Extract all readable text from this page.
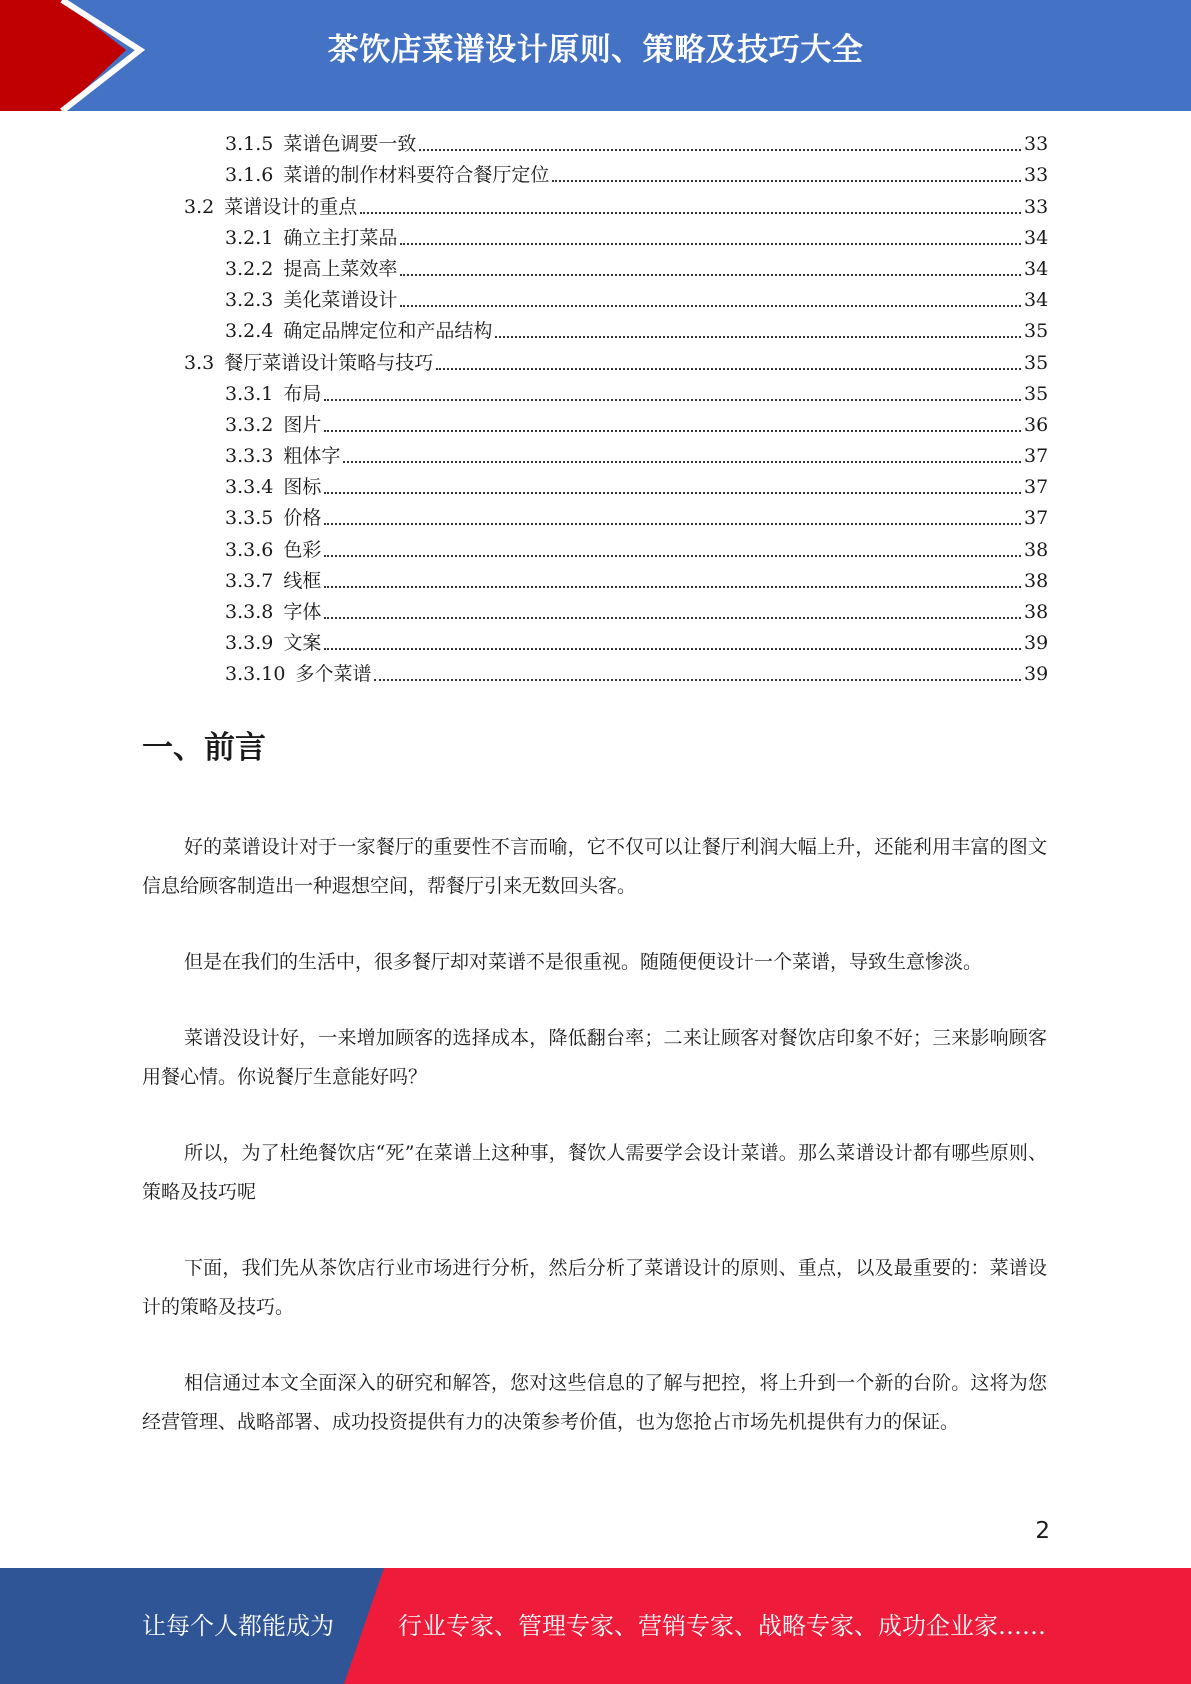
茶饮店菜谱设计原则、策略及技巧大全
3.1.5 菜谱色调要一致	33
3.1.6 菜谱的制作材料要符合餐厅定位	33
3.2 菜谱设计的重点	33
3.2.1 确立主打菜品	34
3.2.2 提高上菜效率	34
3.2.3 美化菜谱设计	34
3.2.4 确定品牌定位和产品结构	35
3.3 餐厅菜谱设计策略与技巧	35
3.3.1 布局	35
3.3.2 图片	36
3.3.3 粗体字	37
3.3.4 图标	37
3.3.5 价格	37
3.3.6 色彩	38
3.3.7 线框	38
3.3.8 字体	38
3.3.9 文案	39
3.3.10 多个菜谱	39
一、前言

好的菜谱设计对于一家餐厅的重要性不言而喻，它不仅可以让餐厅利润大幅上升，还能利用丰富的图文信息给顾客制造出一种遐想空间，帮餐厅引来无数回头客。

但是在我们的生活中，很多餐厅却对菜谱不是很重视。随随便便设计一个菜谱，导致生意惨淡。

菜谱没设计好，一来增加顾客的选择成本，降低翻台率；二来让顾客对餐饮店印象不好；三来影响顾客用餐心情。你说餐厅生意能好吗？

所以，为了杜绝餐饮店“死”在菜谱上这种事，餐饮人需要学会设计菜谱。那么菜谱设计都有哪些原则、策略及技巧呢

下面，我们先从茶饮店行业市场进行分析，然后分析了菜谱设计的原则、重点，以及最重要的：菜谱设计的策略及技巧。

相信通过本文全面深入的研究和解答，您对这些信息的了解与把控，将上升到一个新的台阶。这将为您经营管理、战略部署、成功投资提供有力的决策参考价值，也为您抢占市场先机提供有力的保证。

2
让每个人都能成为	行业专家、管理专家、营销专家、战略专家、成功企业家……
